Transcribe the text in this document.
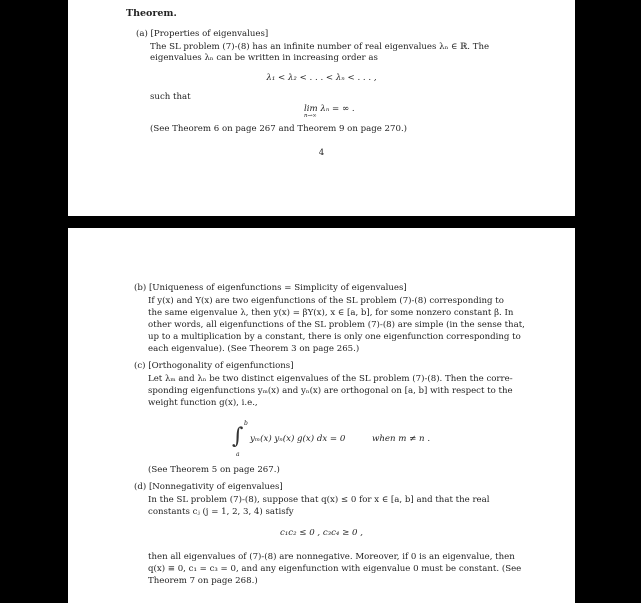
Theorem.
(a) [Properties of eigenvalues]
The SL problem (7)-(8) has an infinite number of real eigenvalues λₙ ∈ ℝ. The
eigenvalues λₙ can be written in increasing order as
λ₁ < λ₂ < . . . < λₙ < . . . ,
such that
lim λₙ = ∞ .
n→∞
(See Theorem 6 on page 267 and Theorem 9 on page 270.)
4
(b) [Uniqueness of eigenfunctions = Simplicity of eigenvalues]
If y(x) and Y(x) are two eigenfunctions of the SL problem (7)-(8) corresponding to
the same eigenvalue λ, then y(x) = βY(x), x ∈ [a, b], for some nonzero constant β. In
other words, all eigenfunctions of the SL problem (7)-(8) are simple (in the sense that,
up to a multiplication by a constant, there is only one eigenfunction corresponding to
each eigenvalue). (See Theorem 3 on page 265.)
(c) [Orthogonality of eigenfunctions]
Let λₘ and λₙ be two distinct eigenvalues of the SL problem (7)-(8). Then the corre-
sponding eigenfunctions yₘ(x) and yₙ(x) are orthogonal on [a, b] with respect to the
weight function g(x), i.e.,
∫
b
a
yₘ(x) yₙ(x) g(x) dx = 0	when m ≠ n .
(See Theorem 5 on page 267.)
(d) [Nonnegativity of eigenvalues]
In the SL problem (7)-(8), suppose that q(x) ≤ 0 for x ∈ [a, b] and that the real
constants cⱼ (j = 1, 2, 3, 4) satisfy
c₁c₂ ≤ 0 , c₃c₄ ≥ 0 ,
then all eigenvalues of (7)-(8) are nonnegative. Moreover, if 0 is an eigenvalue, then
q(x) ≡ 0, c₁ = c₃ = 0, and any eigenfunction with eigenvalue 0 must be constant. (See
Theorem 7 on page 268.)
